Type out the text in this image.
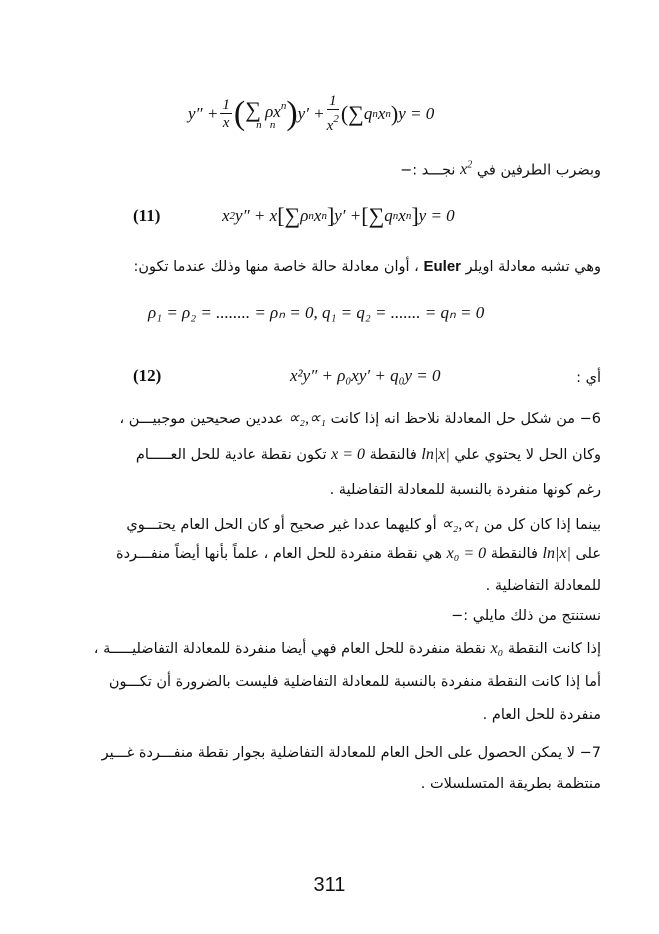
$y'' + \frac{1}{x}$ ( ∑ $\rho x^n$
n n ) $y' + \frac{1}{x^2}$ ( ∑ q n x n ) y = 0
وبضرب الطرفين في $x^2$ نجـــد :−
(11)	x 2 y″ + x [ ∑ ρ n x n ] y′ + [ ∑ q n x n ] y = 0
وهي تشبه معادلة اويلر Euler ، أوان معادلة حالة خاصة منها وذلك عندما تكون:
ρ₁ = ρ₂ = ........ = ρₙ = 0, q₁ = q₂ = ....... = qₙ = 0
(12)	x²y″ + ρ₀xy′ + q₀y = 0	أي :
6− من شكل حل المعادلة نلاحظ انه إذا كانت ∝₂,∝₁ عددين صحيحين موجبيـــن ،
وكان الحل لا يحتوي علي ln|x| فالنقطة x = 0 تكون نقطة عادية للحل العـــــام
رغم كونها منفردة بالنسبة للمعادلة التفاضلية .
بينما إذا كان كل من ∝₂,∝₁ أو كليهما عددا غير صحيح أو كان الحل العام يحتـــوي
على ln|x| فالنقطة x₀ = 0 هي نقطة منفردة للحل العام ، علماً بأنها أيضاً منفـــردة
للمعادلة التفاضلية .
نستنتج من ذلك مايلي :−
إذا كانت النقطة x₀ نقطة منفردة للحل العام فهي أيضا منفردة للمعادلة التفاضليـــــة ،
أما إذا كانت النقطة منفردة بالنسبة للمعادلة التفاضلية فليست بالضرورة أن تكـــون
منفردة للحل العام .
7− لا يمكن الحصول على الحل العام للمعادلة التفاضلية بجوار نقطة منفـــردة غـــير
منتظمة بطريقة المتسلسلات .
311
